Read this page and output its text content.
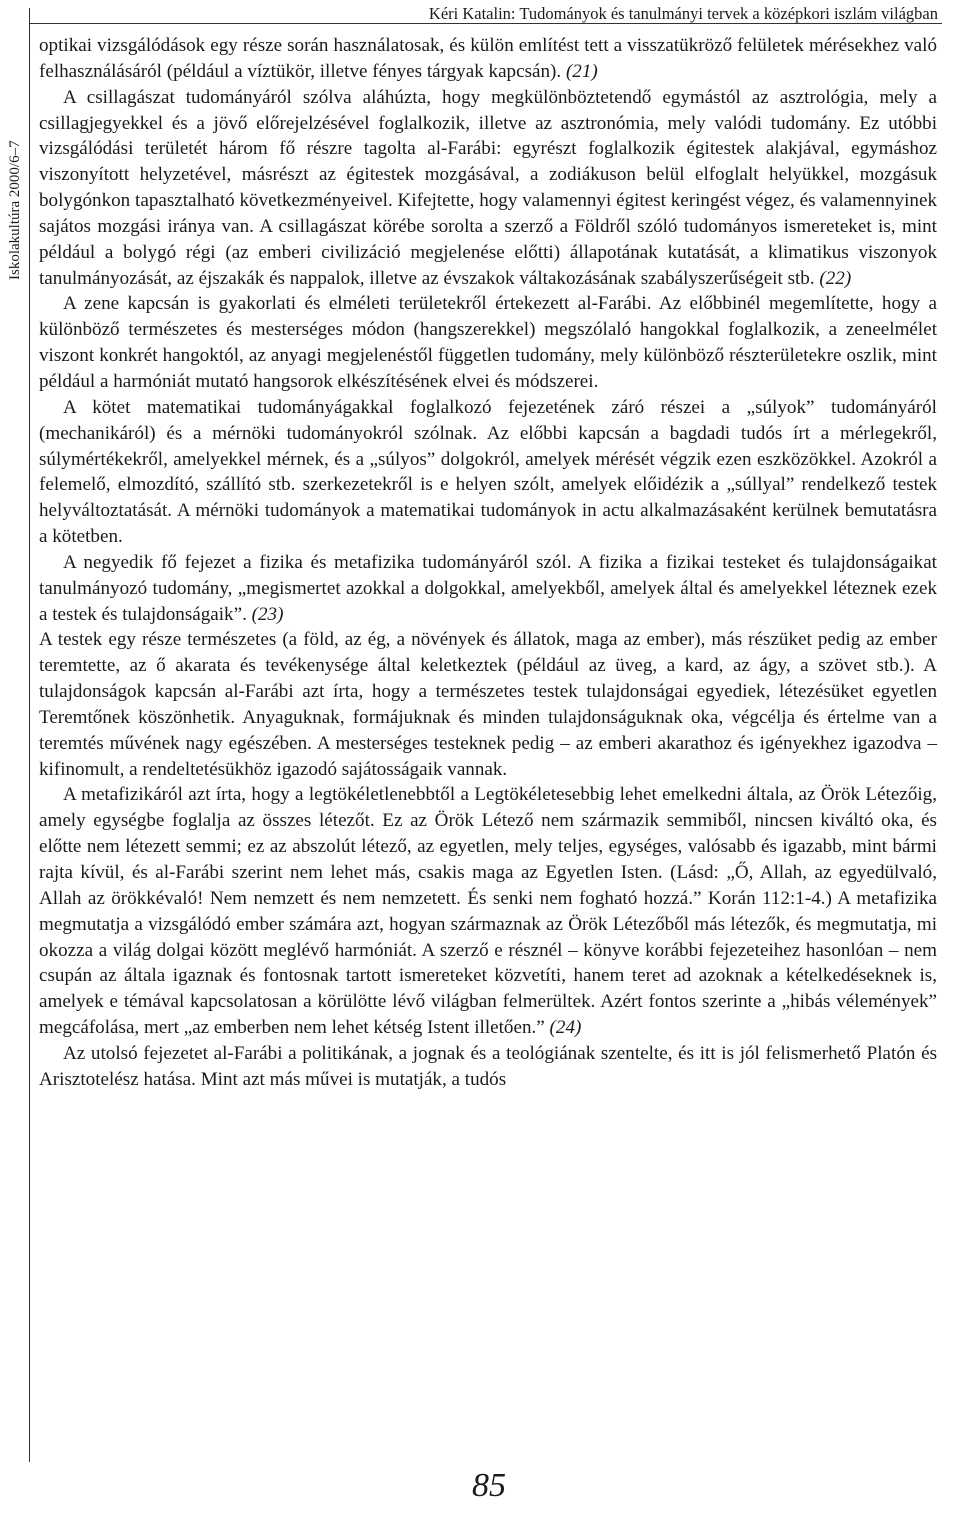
Kéri Katalin: Tudományok és tanulmányi tervek a középkori iszlám világban
Iskolakultúra 2000/6–7

optikai vizsgálódások egy része során használatosak, és külön említést tett a visszatükröző felületek mérésekhez való felhasználásáról (például a víztükör, illetve fényes tárgyak kapcsán). (21)

A csillagászat tudományáról szólva aláhúzta, hogy megkülönböztetendő egymástól az asztrológia, mely a csillagjegyekkel és a jövő előrejelzésével foglalkozik, illetve az asztronómia, mely valódi tudomány. Ez utóbbi vizsgálódási területét három fő részre tagolta al-Farábi: egyrészt foglalkozik égitestek alakjával, egymáshoz viszonyított helyzetével, másrészt az égitestek mozgásával, a zodiákuson belül elfoglalt helyükkel, mozgásuk bolygónkon tapasztalható következményeivel. Kifejtette, hogy valamennyi égitest keringést végez, és valamennyinek sajátos mozgási iránya van. A csillagászat körébe sorolta a szerző a Földről szóló tudományos ismereteket is, mint például a bolygó régi (az emberi civilizáció megjelenése előtti) állapotának kutatását, a klimatikus viszonyok tanulmányozását, az éjszakák és nappalok, illetve az évszakok váltakozásának szabályszerűségeit stb. (22)

A zene kapcsán is gyakorlati és elméleti területekről értekezett al-Farábi. Az előbbinél megemlítette, hogy a különböző természetes és mesterséges módon (hangszerekkel) megszólaló hangokkal foglalkozik, a zeneelmélet viszont konkrét hangoktól, az anyagi megjelenéstől független tudomány, mely különböző részterületekre oszlik, mint például a harmóniát mutató hangsorok elkészítésének elvei és módszerei.

A kötet matematikai tudományágakkal foglalkozó fejezetének záró részei a „súlyok” tudományáról (mechanikáról) és a mérnöki tudományokról szólnak. Az előbbi kapcsán a bagdadi tudós írt a mérlegekről, súlymértékekről, amelyekkel mérnek, és a „súlyos” dolgokról, amelyek mérését végzik ezen eszközökkel. Azokról a felemelő, elmozdító, szállító stb. szerkezetekről is e helyen szólt, amelyek előidézik a „súllyal” rendelkező testek helyváltoztatását. A mérnöki tudományok a matematikai tudományok in actu alkalmazásaként kerülnek bemutatásra a kötetben.

A negyedik fő fejezet a fizika és metafizika tudományáról szól. A fizika a fizikai testeket és tulajdonságaikat tanulmányozó tudomány, „megismertet azokkal a dolgokkal, amelyekből, amelyek által és amelyekkel léteznek ezek a testek és tulajdonságaik”. (23)

A testek egy része természetes (a föld, az ég, a növények és állatok, maga az ember), más részüket pedig az ember teremtette, az ő akarata és tevékenysége által keletkeztek (például az üveg, a kard, az ágy, a szövet stb.). A tulajdonságok kapcsán al-Farábi azt írta, hogy a természetes testek tulajdonságai egyediek, létezésüket egyetlen Teremtőnek köszönhetik. Anyaguknak, formájuknak és minden tulajdonságuknak oka, végcélja és értelme van a teremtés művének nagy egészében. A mesterséges testeknek pedig – az emberi akarathoz és igényekhez igazodva – kifinomult, a rendeltetésükhöz igazodó sajátosságaik vannak.

A metafizikáról azt írta, hogy a legtökéletlenebbtől a Legtökéletesebbig lehet emelkedni általa, az Örök Létezőig, amely egységbe foglalja az összes létezőt. Ez az Örök Létező nem származik semmiből, nincsen kiváltó oka, és előtte nem létezett semmi; ez az abszolút létező, az egyetlen, mely teljes, egységes, valósabb és igazabb, mint bármi rajta kívül, és al-Farábi szerint nem lehet más, csakis maga az Egyetlen Isten. (Lásd: „Ő, Allah, az egyedülvaló, Allah az örökkévaló! Nem nemzett és nem nemzetett. És senki nem fogható hozzá.” Korán 112:1-4.) A metafizika megmutatja a vizsgálódó ember számára azt, hogyan származnak az Örök Létezőből más létezők, és megmutatja, mi okozza a világ dolgai között meglévő harmóniát. A szerző e résznél – könyve korábbi fejezeteihez hasonlóan – nem csupán az általa igaznak és fontosnak tartott ismereteket közvetíti, hanem teret ad azoknak a kételkedéseknek is, amelyek e témával kapcsolatosan a körülötte lévő világban felmerültek. Azért fontos szerinte a „hibás vélemények” megcáfolása, mert „az emberben nem lehet kétség Istent illetően.” (24)

Az utolsó fejezetet al-Farábi a politikának, a jognak és a teológiának szentelte, és itt is jól felismerhető Platón és Arisztotelész hatása. Mint azt más művei is mutatják, a tudós

85
